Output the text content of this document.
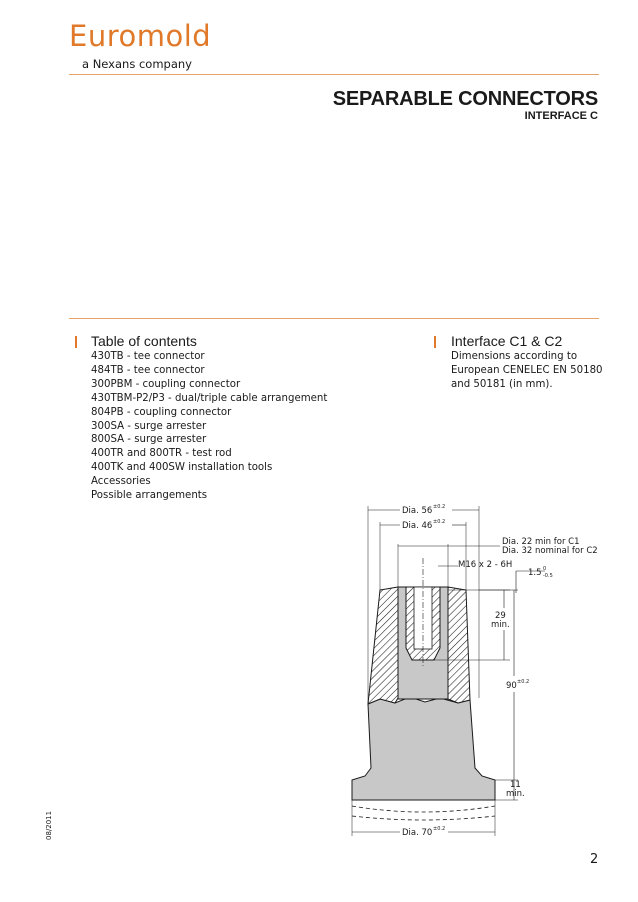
Euromold
a Nexans company
SEPARABLE CONNECTORS
INTERFACE C
Table of contents
430TB - tee connector
484TB - tee connector
300PBM - coupling connector
430TBM-P2/P3 - dual/triple cable arrangement
804PB - coupling connector
300SA - surge arrester
800SA - surge arrester
400TR and 800TR - test rod
400TK and 400SW installation tools
Accessories
Possible arrangements
Interface C1 & C2
Dimensions according to
European CENELEC EN 50180
and 50181 (in mm).
Dia. 56 ±0.2
Dia. 46 ±0.2
Dia. 22 min for C1
Dia. 32 nominal for C2
M16 x 2 - 6H
1.5 0
-0.5
29
min.
90 ±0.2
11
min.
Dia. 70 ±0.2
08/2011
2
